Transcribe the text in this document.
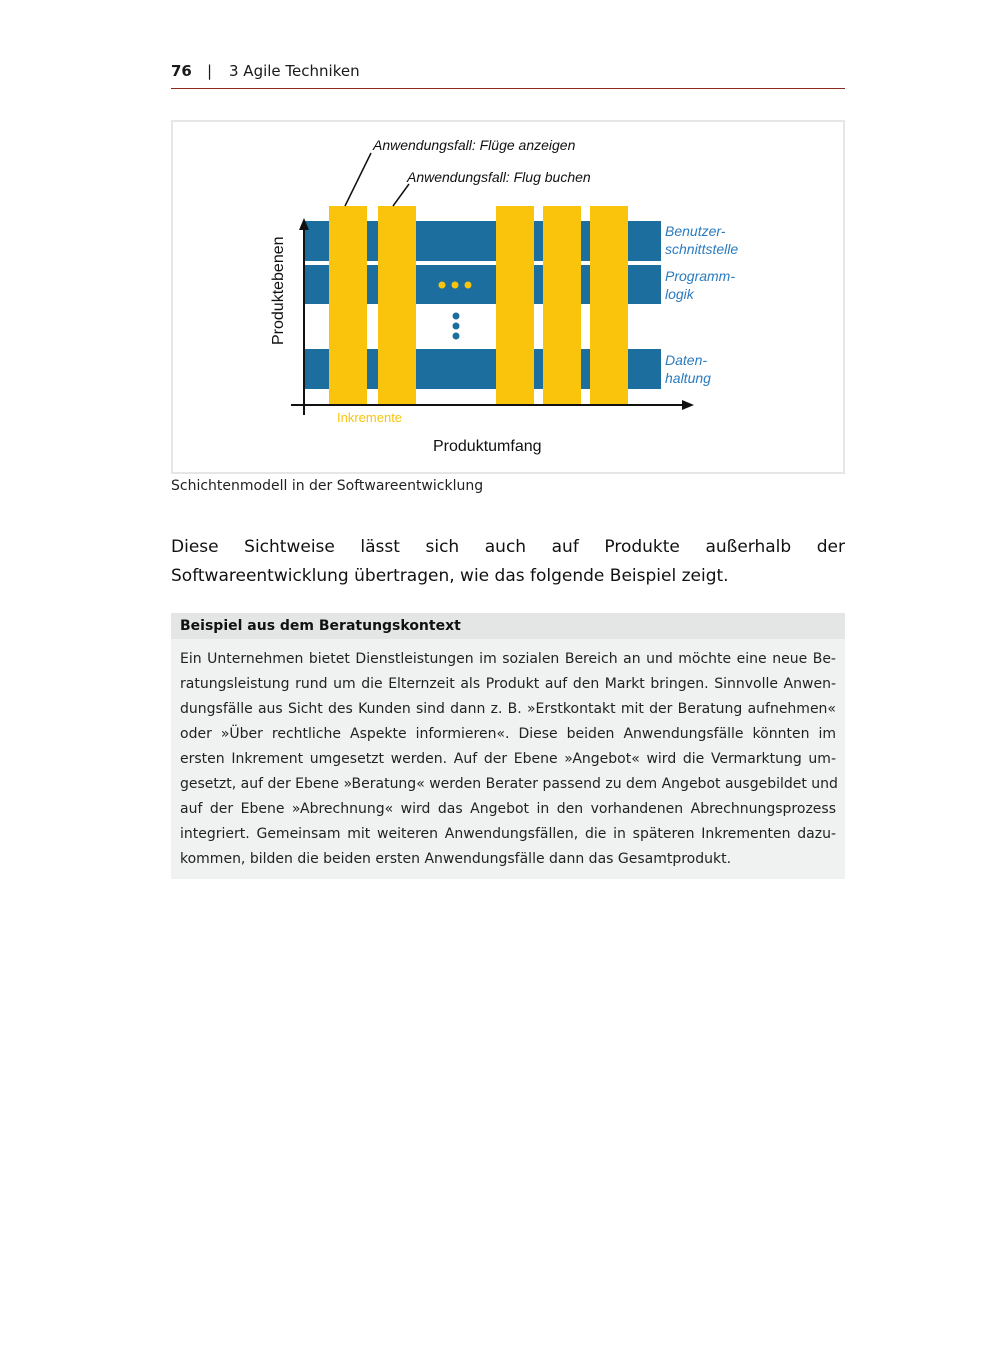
76 | 3 Agile Techniken
Anwendungsfall: Flüge anzeigen
Anwendungsfall: Flug buchen
Benutzer-
schnittstelle
Programm-
logik
Daten-
haltung
Produktebenen
Produktumfang
Inkremente
Schichtenmodell in der Softwareentwicklung
Diese Sichtweise lässt sich auch auf Produkte außerhalb der Softwareentwicklung übertragen, wie das folgende Beispiel zeigt.
Beispiel aus dem Beratungskontext
Ein Unternehmen bietet Dienstleistungen im sozialen Bereich an und möchte eine neue Be-
ratungsleistung rund um die Elternzeit als Produkt auf den Markt bringen. Sinnvolle Anwen-
dungsfälle aus Sicht des Kunden sind dann z. B. »Erstkontakt mit der Beratung aufnehmen«
oder »Über rechtliche Aspekte informieren«. Diese beiden Anwendungsfälle könnten im
ersten Inkrement umgesetzt werden. Auf der Ebene »Angebot« wird die Vermarktung um-
gesetzt, auf der Ebene »Beratung« werden Berater passend zu dem Angebot ausgebildet und
auf der Ebene »Abrechnung« wird das Angebot in den vorhandenen Abrechnungsprozess
integriert. Gemeinsam mit weiteren Anwendungsfällen, die in späteren Inkrementen dazu-
kommen, bilden die beiden ersten Anwendungsfälle dann das Gesamtprodukt.
